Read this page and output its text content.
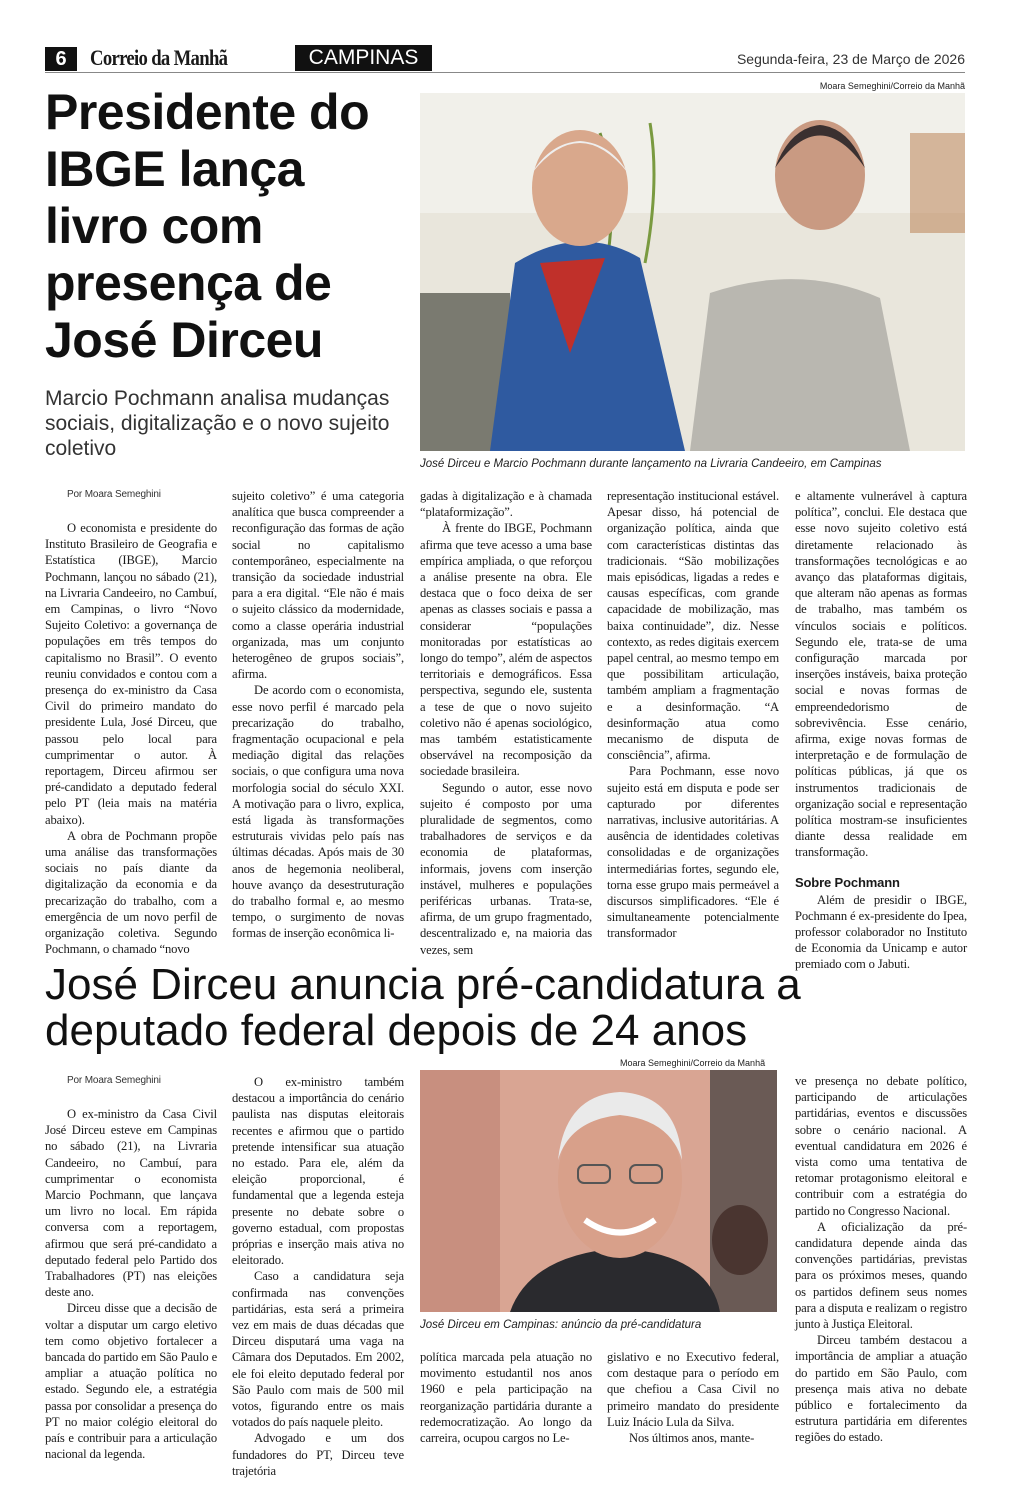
6	Correio da Manhã	CAMPINAS	Segunda-feira, 23 de Março de 2026
Presidente do IBGE lança livro com presença de José Dirceu
Marcio Pochmann analisa mudanças sociais, digitalização e o novo sujeito coletivo
Moara Semeghini/Correio da Manhã
José Dirceu e Marcio Pochmann durante lançamento na Livraria Candeeiro, em Campinas

Por Moara Semeghini

O economista e presidente do Instituto Brasileiro de Geografia e Estatística (IBGE), Marcio Pochmann, lançou no sábado (21), na Livraria Candeeiro, no Cambuí, em Campinas, o livro “Novo Sujeito Coletivo: a governança de populações em três tempos do capitalismo no Brasil”. O evento reuniu convidados e contou com a presença do ex-ministro da Casa Civil do primeiro mandato do presidente Lula, José Dirceu, que passou pelo local para cumprimentar o autor. À reportagem, Dirceu afirmou ser pré-candidato a deputado federal pelo PT (leia mais na matéria abaixo).

A obra de Pochmann propõe uma análise das transformações sociais no país diante da digitalização da economia e da precarização do trabalho, com a emergência de um novo perfil de organização coletiva. Segundo Pochmann, o chamado “novo

sujeito coletivo” é uma categoria analítica que busca compreender a reconfiguração das formas de ação social no capitalismo contemporâneo, especialmente na transição da sociedade industrial para a era digital. “Ele não é mais o sujeito clássico da modernidade, como a classe operária industrial organizada, mas um conjunto heterogêneo de grupos sociais”, afirma.

De acordo com o economista, esse novo perfil é marcado pela precarização do trabalho, fragmentação ocupacional e pela mediação digital das relações sociais, o que configura uma nova morfologia social do século XXI. A motivação para o livro, explica, está ligada às transformações estruturais vividas pelo país nas últimas décadas. Após mais de 30 anos de hegemonia neoliberal, houve avanço da desestruturação do trabalho formal e, ao mesmo tempo, o surgimento de novas formas de inserção econômica li-

gadas à digitalização e à chamada “plataformização”.

À frente do IBGE, Pochmann afirma que teve acesso a uma base empírica ampliada, o que reforçou a análise presente na obra. Ele destaca que o foco deixa de ser apenas as classes sociais e passa a considerar “populações monitoradas por estatísticas ao longo do tempo”, além de aspectos territoriais e demográficos. Essa perspectiva, segundo ele, sustenta a tese de que o novo sujeito coletivo não é apenas sociológico, mas também estatisticamente observável na recomposição da sociedade brasileira.

Segundo o autor, esse novo sujeito é composto por uma pluralidade de segmentos, como trabalhadores de serviços e da economia de plataformas, informais, jovens com inserção instável, mulheres e populações periféricas urbanas. Trata-se, afirma, de um grupo fragmentado, descentralizado e, na maioria das vezes, sem

representação institucional estável. Apesar disso, há potencial de organização política, ainda que com características distintas das tradicionais. “São mobilizações mais episódicas, ligadas a redes e causas específicas, com grande capacidade de mobilização, mas baixa continuidade”, diz. Nesse contexto, as redes digitais exercem papel central, ao mesmo tempo em que possibilitam articulação, também ampliam a fragmentação e a desinformação. “A desinformação atua como mecanismo de disputa de consciência”, afirma.

Para Pochmann, esse novo sujeito está em disputa e pode ser capturado por diferentes narrativas, inclusive autoritárias. A ausência de identidades coletivas consolidadas e de organizações intermediárias fortes, segundo ele, torna esse grupo mais permeável a discursos simplificadores. “Ele é simultaneamente potencialmente transformador

e altamente vulnerável à captura política”, conclui. Ele destaca que esse novo sujeito coletivo está diretamente relacionado às transformações tecnológicas e ao avanço das plataformas digitais, que alteram não apenas as formas de trabalho, mas também os vínculos sociais e políticos. Segundo ele, trata-se de uma configuração marcada por inserções instáveis, baixa proteção social e novas formas de empreendedorismo de sobrevivência. Esse cenário, afirma, exige novas formas de interpretação e de formulação de políticas públicas, já que os instrumentos tradicionais de organização social e representação política mostram-se insuficientes diante dessa realidade em transformação.

Sobre Pochmann

Além de presidir o IBGE, Pochmann é ex-presidente do Ipea, professor colaborador no Instituto de Economia da Unicamp e autor premiado com o Jabuti.

José Dirceu anuncia pré-candidatura a deputado federal depois de 24 anos

Por Moara Semeghini

O ex-ministro da Casa Civil José Dirceu esteve em Campinas no sábado (21), na Livraria Candeeiro, no Cambuí, para cumprimentar o economista Marcio Pochmann, que lançava um livro no local. Em rápida conversa com a reportagem, afirmou que será pré-candidato a deputado federal pelo Partido dos Trabalhadores (PT) nas eleições deste ano.

Dirceu disse que a decisão de voltar a disputar um cargo eletivo tem como objetivo fortalecer a bancada do partido em São Paulo e ampliar a atuação política no estado. Segundo ele, a estratégia passa por consolidar a presença do PT no maior colégio eleitoral do país e contribuir para a articulação nacional da legenda.

O ex-ministro também destacou a importância do cenário paulista nas disputas eleitorais recentes e afirmou que o partido pretende intensificar sua atuação no estado. Para ele, além da eleição proporcional, é fundamental que a legenda esteja presente no debate sobre o governo estadual, com propostas próprias e inserção mais ativa no eleitorado.

Caso a candidatura seja confirmada nas convenções partidárias, esta será a primeira vez em mais de duas décadas que Dirceu disputará uma vaga na Câmara dos Deputados. Em 2002, ele foi eleito deputado federal por São Paulo com mais de 500 mil votos, figurando entre os mais votados do país naquele pleito.

Advogado e um dos fundadores do PT, Dirceu teve trajetória

Moara Semeghini/Correio da Manhã
José Dirceu em Campinas: anúncio da pré-candidatura

política marcada pela atuação no movimento estudantil nos anos 1960 e pela participação na reorganização partidária durante a redemocratização. Ao longo da carreira, ocupou cargos no Le-

gislativo e no Executivo federal, com destaque para o período em que chefiou a Casa Civil no primeiro mandato do presidente Luiz Inácio Lula da Silva.

Nos últimos anos, mante-

ve presença no debate político, participando de articulações partidárias, eventos e discussões sobre o cenário nacional. A eventual candidatura em 2026 é vista como uma tentativa de retomar protagonismo eleitoral e contribuir com a estratégia do partido no Congresso Nacional.

A oficialização da pré-candidatura depende ainda das convenções partidárias, previstas para os próximos meses, quando os partidos definem seus nomes para a disputa e realizam o registro junto à Justiça Eleitoral.

Dirceu também destacou a importância de ampliar a atuação do partido em São Paulo, com presença mais ativa no debate público e fortalecimento da estrutura partidária em diferentes regiões do estado.
